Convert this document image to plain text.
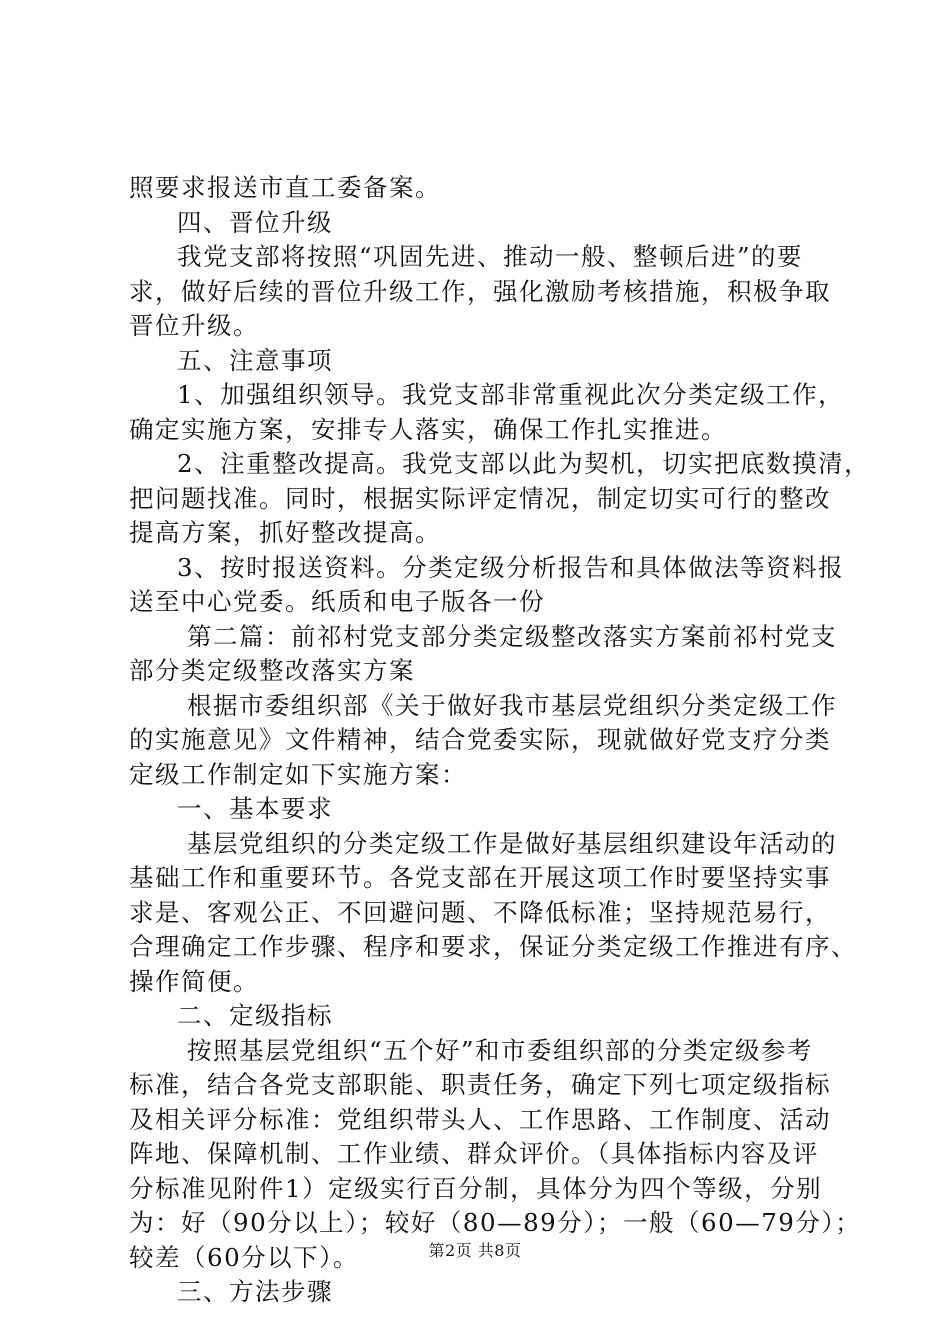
照要求报送市直工委备案。
四、晋位升级
我党支部将按照“巩固先进、推动一般、整顿后进”的要
求，做好后续的晋位升级工作，强化激励考核措施，积极争取
晋位升级。
五、注意事项
1、加强组织领导。我党支部非常重视此次分类定级工作，
确定实施方案，安排专人落实，确保工作扎实推进。
2、注重整改提高。我党支部以此为契机，切实把底数摸清，
把问题找准。同时，根据实际评定情况，制定切实可行的整改
提高方案，抓好整改提高。
3、按时报送资料。分类定级分析报告和具体做法等资料报
送至中心党委。纸质和电子版各一份
第二篇：前祁村党支部分类定级整改落实方案前祁村党支
部分类定级整改落实方案
根据市委组织部《关于做好我市基层党组织分类定级工作
的实施意见》文件精神，结合党委实际，现就做好党支疗分类
定级工作制定如下实施方案：
一、基本要求
基层党组织的分类定级工作是做好基层组织建设年活动的
基础工作和重要环节。各党支部在开展这项工作时要坚持实事
求是、客观公正、不回避问题、不降低标准；坚持规范易行，
合理确定工作步骤、程序和要求，保证分类定级工作推进有序、
操作简便。
二、定级指标
按照基层党组织“五个好”和市委组织部的分类定级参考
标准，结合各党支部职能、职责任务，确定下列七项定级指标
及相关评分标准：党组织带头人、工作思路、工作制度、活动
阵地、保障机制、工作业绩、群众评价。（具体指标内容及评
分标准见附件1）定级实行百分制，具体分为四个等级，分别
为：好（90分以上）；较好（80—89分）；一般（60—79分）；
较差（60分以下）。
三、方法步骤
第2页 共8页
